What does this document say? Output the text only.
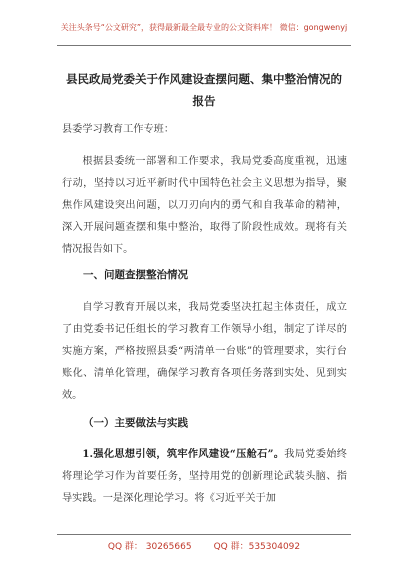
关注头条号“公文研究”，获得最新最全最专业的公文资料库！ 微信：gongwenyj
县民政局党委关于作风建设查摆问题、集中整治情况的报告
县委学习教育工作专班：
根据县委统一部署和工作要求，我局党委高度重视，迅速行动，坚持以习近平新时代中国特色社会主义思想为指导，聚焦作风建设突出问题，以刀刃向内的勇气和自我革命的精神，深入开展问题查摆和集中整治，取得了阶段性成效。现将有关情况报告如下。
一、问题查摆整治情况
自学习教育开展以来，我局党委坚决扛起主体责任，成立了由党委书记任组长的学习教育工作领导小组，制定了详尽的实施方案，严格按照县委“两清单一台账”的管理要求，实行台账化、清单化管理，确保学习教育各项任务落到实处、见到实效。
（一）主要做法与实践
1.强化思想引领，筑牢作风建设“压舱石”。我局党委始终将理论学习作为首要任务，坚持用党的创新理论武装头脑、指导实践。一是深化理论学习。将《习近平关于加
QQ 群： 30265665 QQ 群：535304092
